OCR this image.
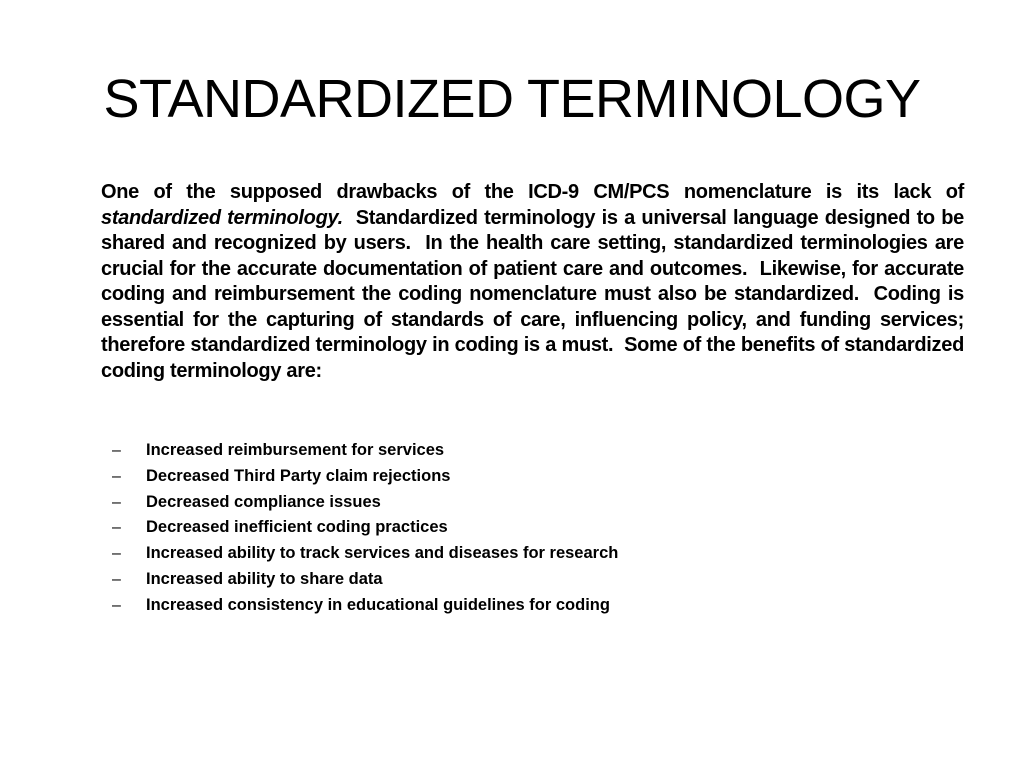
STANDARDIZED TERMINOLOGY

One of the supposed drawbacks of the ICD-9 CM/PCS nomenclature is its lack of standardized terminology.  Standardized terminology is a universal language designed to be shared and recognized by users.  In the health care setting, standardized terminologies are crucial for the accurate documentation of patient care and outcomes.  Likewise, for accurate coding and reimbursement the coding nomenclature must also be standardized.  Coding is essential for the capturing of standards of care, influencing policy, and funding services; therefore standardized terminology in coding is a must.  Some of the benefits of standardized coding terminology are:

–	Increased reimbursement for services
–	Decreased Third Party claim rejections
–	Decreased compliance issues
–	Decreased inefficient coding practices
–	Increased ability to track services and diseases for research
–	Increased ability to share data
–	Increased consistency in educational guidelines for coding
